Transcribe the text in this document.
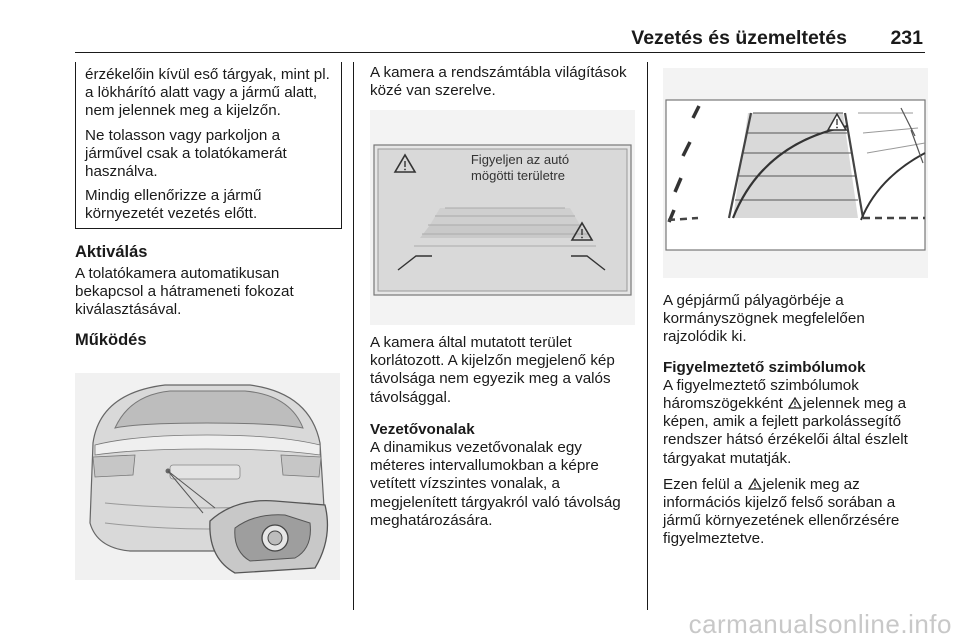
Vezetés és üzemeltetés 231

érzékelőin kívül eső tárgyak, mint pl. a lökhárító alatt vagy a jármű alatt, nem jelennek meg a kijelzőn.

Ne tolasson vagy parkoljon a járművel csak a tolatókamerát használva.

Mindig ellenőrizze a jármű környezetét vezetés előtt.

Aktiválás

A tolatókamera automatikusan bekapcsol a hátrameneti fokozat kiválasztásával.

Működés

A kamera a rendszámtábla világítások közé van szerelve.

Figyeljen az autó
mögötti területre

A kamera által mutatott terület korlátozott. A kijelzőn megjelenő kép távolsága nem egyezik meg a valós távolsággal.

Vezetővonalak

A dinamikus vezetővonalak egy méteres intervallumokban a képre vetített vízszintes vonalak, a megjelenített tárgyakról való távolság meghatározására.

A gépjármű pályagörbéje a kormányszögnek megfelelően rajzolódik ki.

Figyelmeztető szimbólumok

A figyelmeztető szimbólumok háromszögekként jelennek meg a képen, amik a fejlett parkolássegítő rendszer hátsó érzékelői által észlelt tárgyakat mutatják.

Ezen felül a jelenik meg az információs kijelző felső sorában a jármű környezetének ellenőrzésére figyelmeztetve.

carmanualsonline.info
